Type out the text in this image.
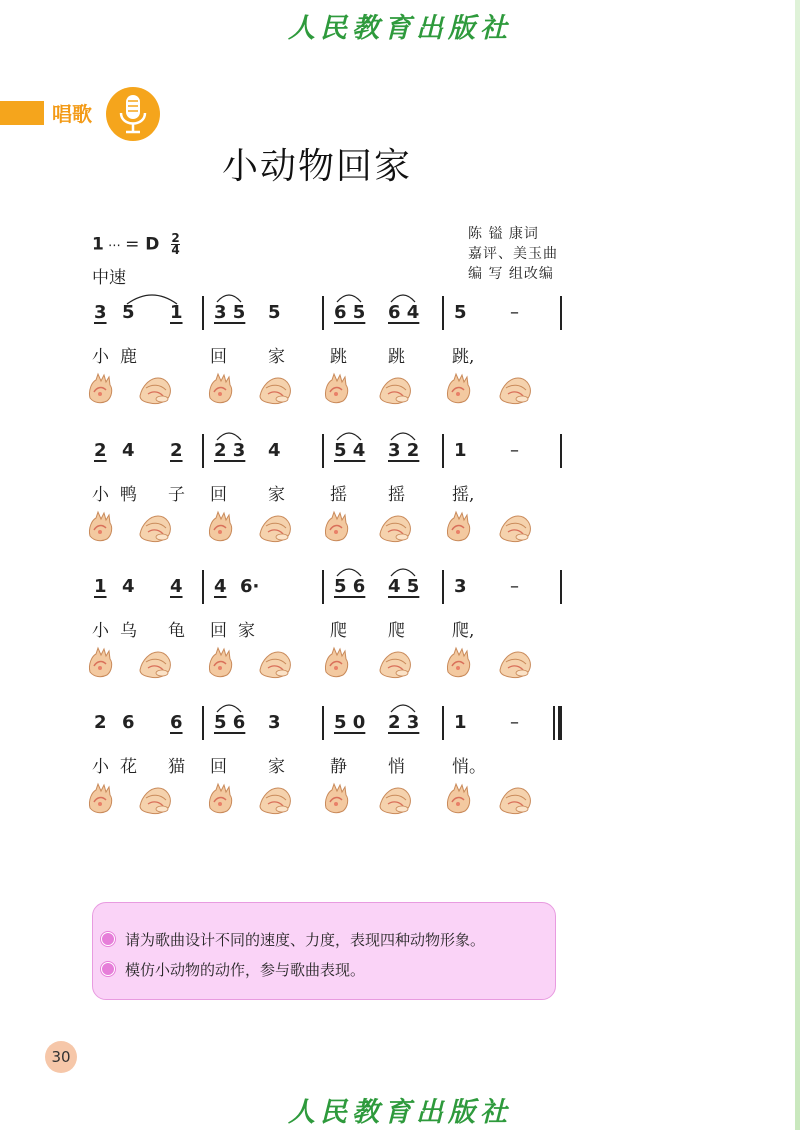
人民教育出版社
唱歌
小动物回家
1 ⋯ = D $\frac{2}{4}$
中速
陈 镒 康词
嘉评、美玉曲
编 写 组改编
3 5 1 3 5 5	6 5 6 4 5 –
小 鹿	回 家	跳 跳	跳,
2 4 2 2 3 4	5 4 3 2 1 –
小 鸭 子 回 家	摇 摇	摇,
1 4 4 4 6·	5 6 4 5 3 –
小 乌 龟 回 家	爬 爬	爬,
2 6 6 5 6 3	5 0 2 3 1 –
小 花 猫 回 家	静 悄	悄。
请为歌曲设计不同的速度、力度，表现四种动物形象。
模仿小动物的动作，参与歌曲表现。
30
人民教育出版社
